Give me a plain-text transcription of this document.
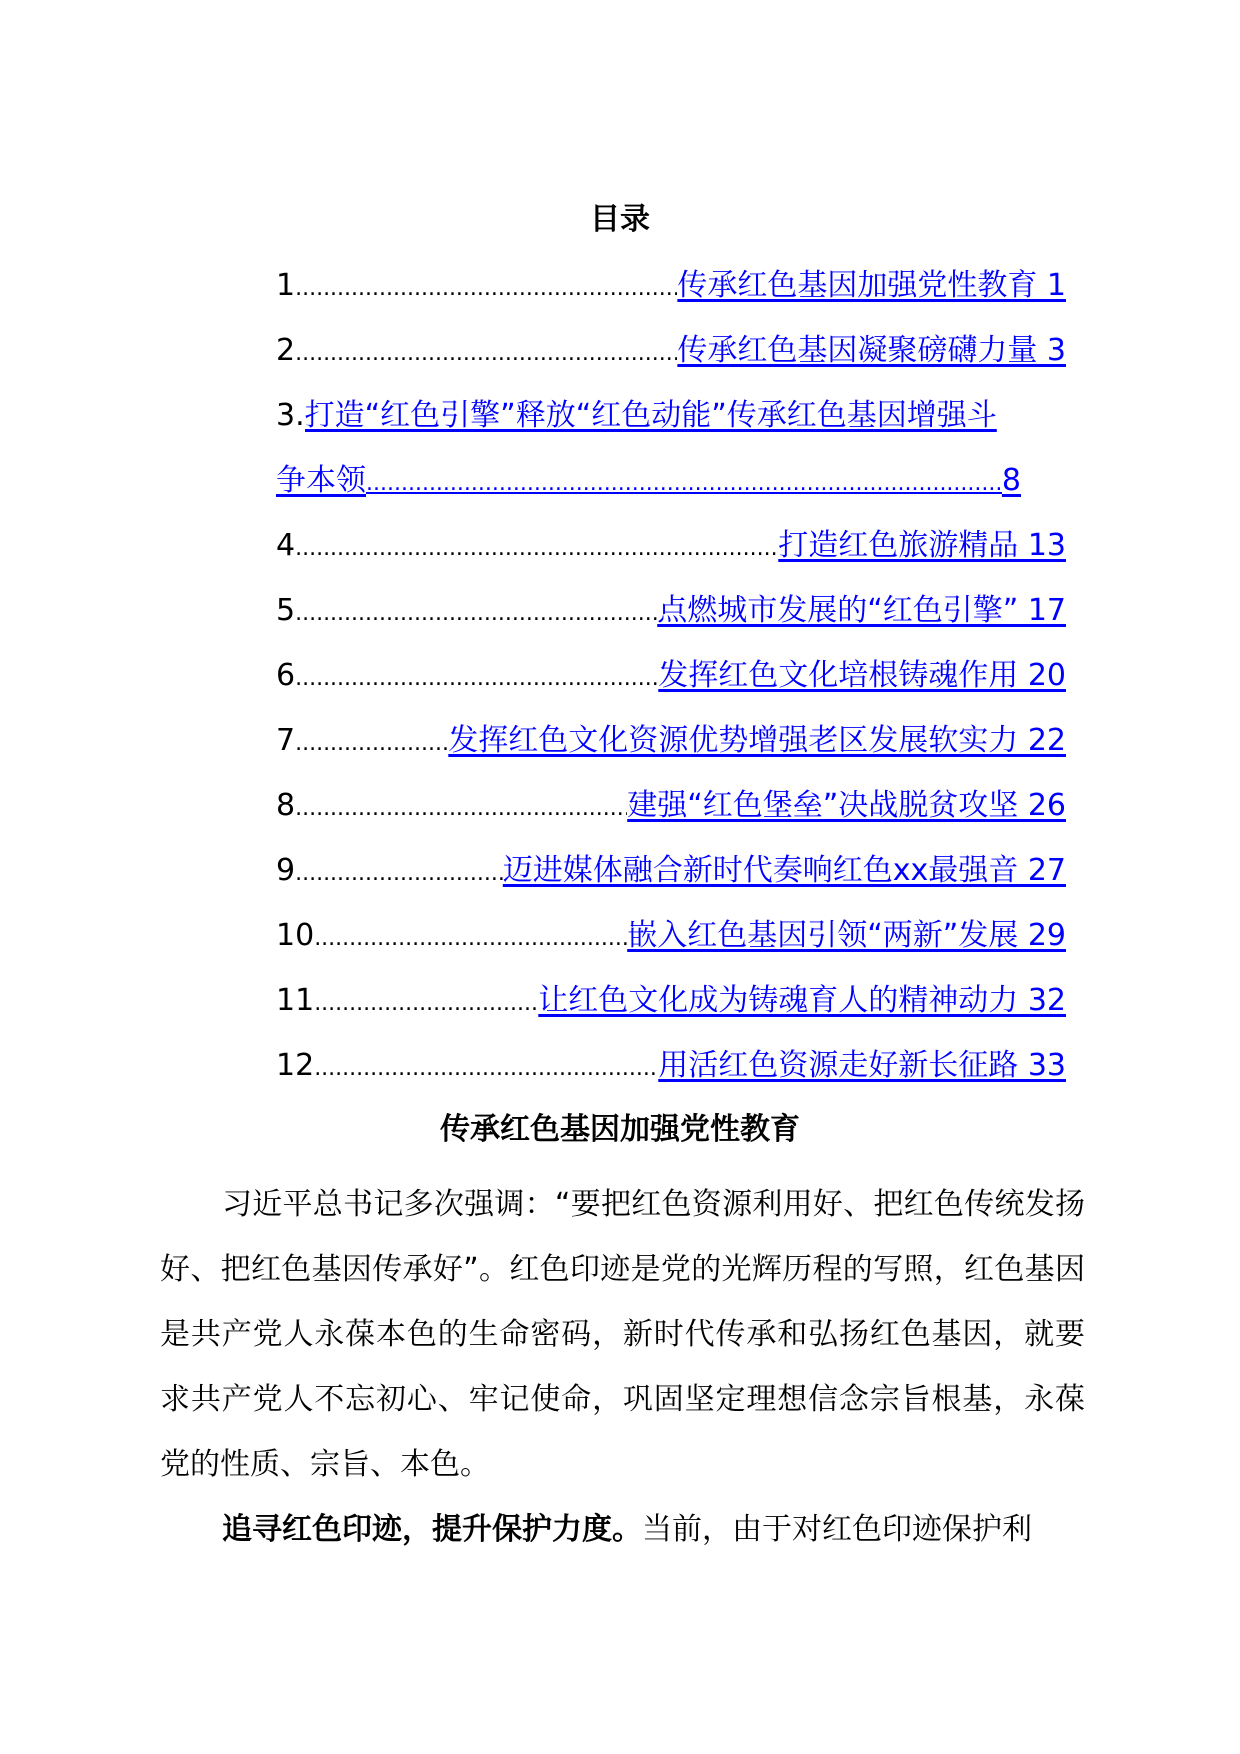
目录
1 .....	传承红色基因加强党性教育 1
2 .....	传承红色基因凝聚磅礴力量 3
3. 打造“红色引擎”释放“红色动能”传承红色基因增强斗
争本领 .....	8
4 .....	打造红色旅游精品 13
5 .....	点燃城市发展的“红色引擎” 17
6 .....	发挥红色文化培根铸魂作用 20
7 .....	发挥红色文化资源优势增强老区发展软实力 22
8 .....	建强“红色堡垒”决战脱贫攻坚 26
9 .....	迈进媒体融合新时代奏响红色xx最强音 27
10 .....	嵌入红色基因引领“两新”发展 29
11 .....	让红色文化成为铸魂育人的精神动力 32
12 .....	用活红色资源走好新长征路 33
传承红色基因加强党性教育

习近平总书记多次强调：“要把红色资源利用好、把红色传统发扬好、把红色基因传承好”。红色印迹是党的光辉历程的写照，红色基因是共产党人永葆本色的生命密码，新时代传承和弘扬红色基因，就要求共产党人不忘初心、牢记使命，巩固坚定理想信念宗旨根基，永葆党的性质、宗旨、本色。

追寻红色印迹，提升保护力度。当前，由于对红色印迹保护利
